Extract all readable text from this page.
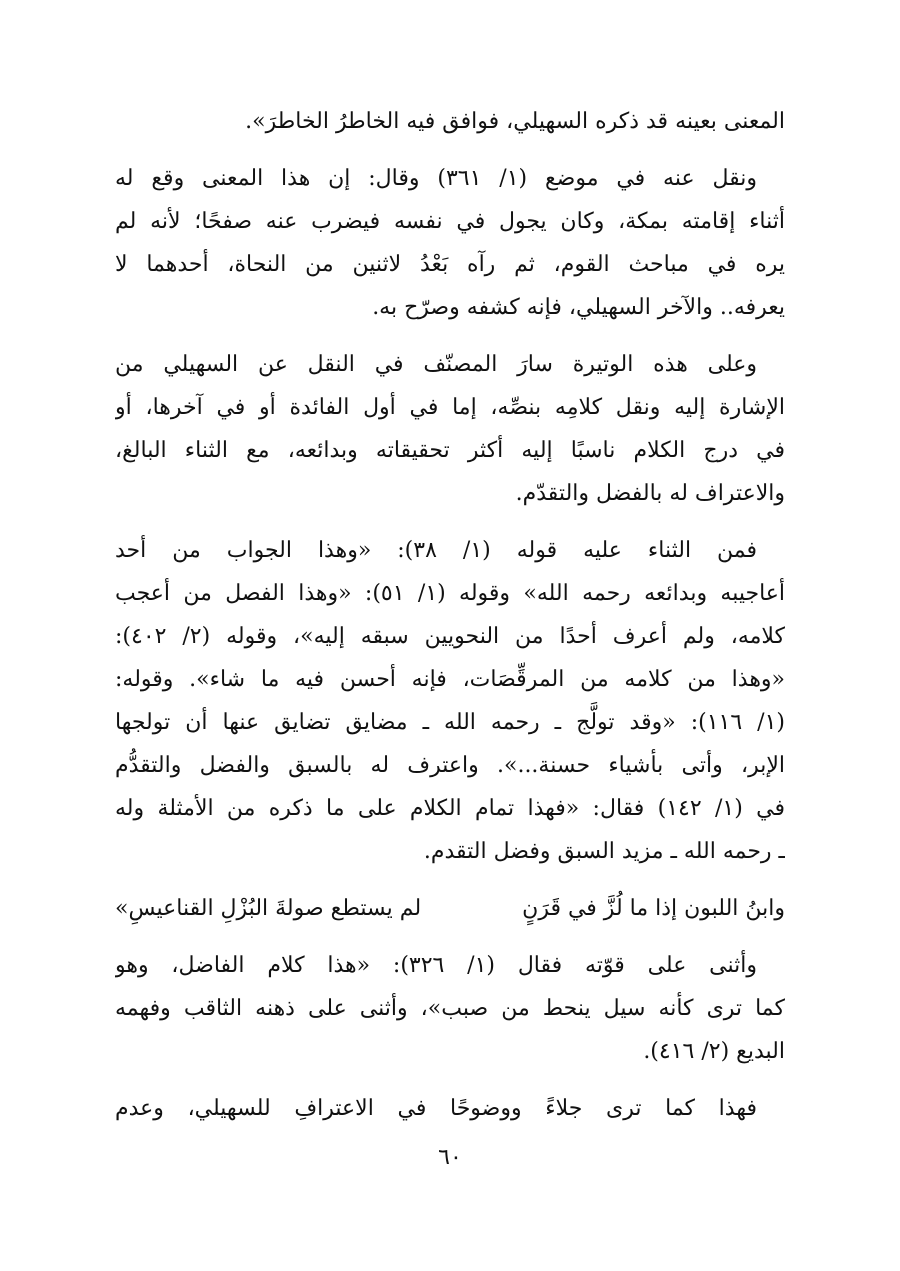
المعنى بعينه قد ذكره السهيلي، فوافق فيه الخاطرُ الخاطرَ».
ونقل عنه في موضع (١/ ٣٦١) وقال: إن هذا المعنى وقع له
أثناء إقامته بمكة، وكان يجول في نفسه فيضرب عنه صفحًا؛ لأنه لم
يره في مباحث القوم، ثم رآه بَعْدُ لاثنين من النحاة، أحدهما لا
يعرفه.. والآخر السهيلي، فإنه كشفه وصرّح به.
وعلى هذه الوتيرة سارَ المصنّف في النقل عن السهيلي من
الإشارة إليه ونقل كلامِه بنصِّه، إما في أول الفائدة أو في آخرها، أو
في درج الكلام ناسبًا إليه أكثر تحقيقاته وبدائعه، مع الثناء البالغ،
والاعتراف له بالفضل والتقدّم.
فمن الثناء عليه قوله (١/ ٣٨): «وهذا الجواب من أحد
أعاجيبه وبدائعه رحمه الله» وقوله (١/ ٥١): «وهذا الفصل من أعجب
كلامه، ولم أعرف أحدًا من النحويين سبقه إليه»، وقوله (٢/ ٤٠٢):
«وهذا من كلامه من المرقِّصَات، فإنه أحسن فيه ما شاء». وقوله:
(١/ ١١٦): «وقد تولَّج ـ رحمه الله ـ مضايق تضايق عنها أن تولجها
الإبر، وأتى بأشياء حسنة...». واعترف له بالسبق والفضل والتقدُّم
في (١/ ١٤٢) فقال: «فهذا تمام الكلام على ما ذكره من الأمثلة وله
ـ رحمه الله ـ مزيد السبق وفضل التقدم.
وابنُ اللبون إذا ما لُزَّ في قَرَنٍ
لم يستطع صولةَ البُزْلِ القناعيسِ»
وأثنى على قوّته فقال (١/ ٣٢٦): «هذا كلام الفاضل، وهو
كما ترى كأنه سيل ينحط من صبب»، وأثنى على ذهنه الثاقب وفهمه
البديع (٢/ ٤١٦).
فهذا كما ترى جلاءً ووضوحًا في الاعترافِ للسهيلي، وعدم
٦٠
